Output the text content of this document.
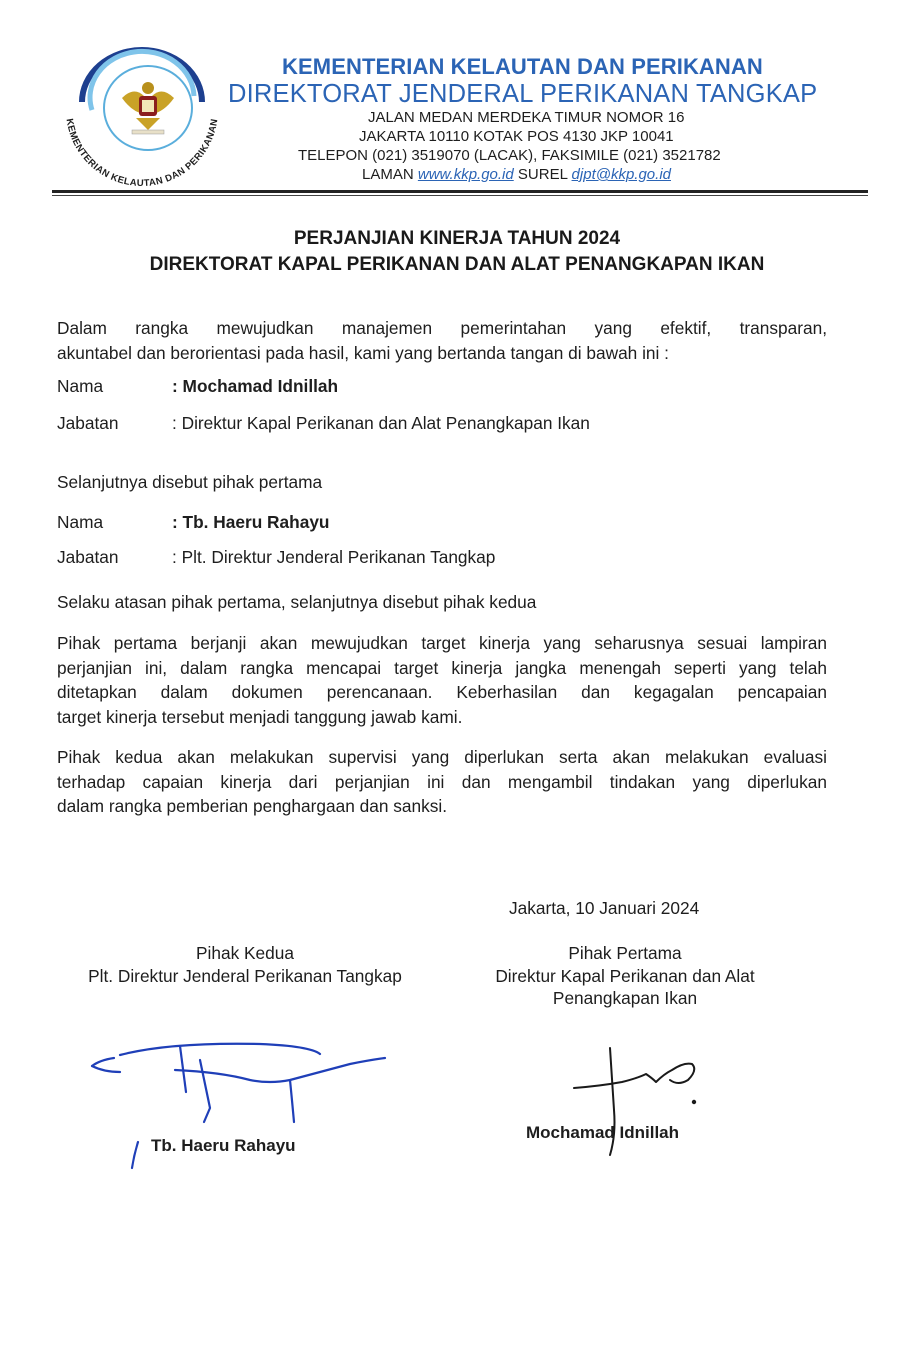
KEMENTERIAN KELAUTAN DAN PERIKANAN
KEMENTERIAN KELAUTAN DAN PERIKANAN
DIREKTORAT JENDERAL PERIKANAN TANGKAP
JALAN MEDAN MERDEKA TIMUR NOMOR 16
JAKARTA 10110 KOTAK POS 4130 JKP 10041
TELEPON (021) 3519070 (LACAK), FAKSIMILE (021) 3521782
LAMAN www.kkp.go.id SUREL djpt@kkp.go.id
PERJANJIAN KINERJA TAHUN 2024
DIREKTORAT KAPAL PERIKANAN DAN ALAT PENANGKAPAN IKAN
Dalam rangka mewujudkan manajemen pemerintahan yang efektif, transparan,
akuntabel dan berorientasi pada hasil, kami yang bertanda tangan di bawah ini :
Nama	: Mochamad Idnillah
Jabatan	: Direktur Kapal Perikanan dan Alat Penangkapan Ikan
Selanjutnya disebut pihak pertama
Nama	: Tb. Haeru Rahayu
Jabatan	: Plt. Direktur Jenderal Perikanan Tangkap
Selaku atasan pihak pertama, selanjutnya disebut pihak kedua
Pihak pertama berjanji akan mewujudkan target kinerja yang seharusnya sesuai lampiran
perjanjian ini, dalam rangka mencapai target kinerja jangka menengah seperti yang telah
ditetapkan dalam dokumen perencanaan. Keberhasilan dan kegagalan pencapaian
target kinerja tersebut menjadi tanggung jawab kami.
Pihak kedua akan melakukan supervisi yang diperlukan serta akan melakukan evaluasi
terhadap capaian kinerja dari perjanjian ini dan mengambil tindakan yang diperlukan
dalam rangka pemberian penghargaan dan sanksi.
Jakarta, 10 Januari 2024
Pihak Kedua
Plt. Direktur Jenderal Perikanan Tangkap
Pihak Pertama
Direktur Kapal Perikanan dan Alat
Penangkapan Ikan
Tb. Haeru Rahayu
Mochamad Idnillah
